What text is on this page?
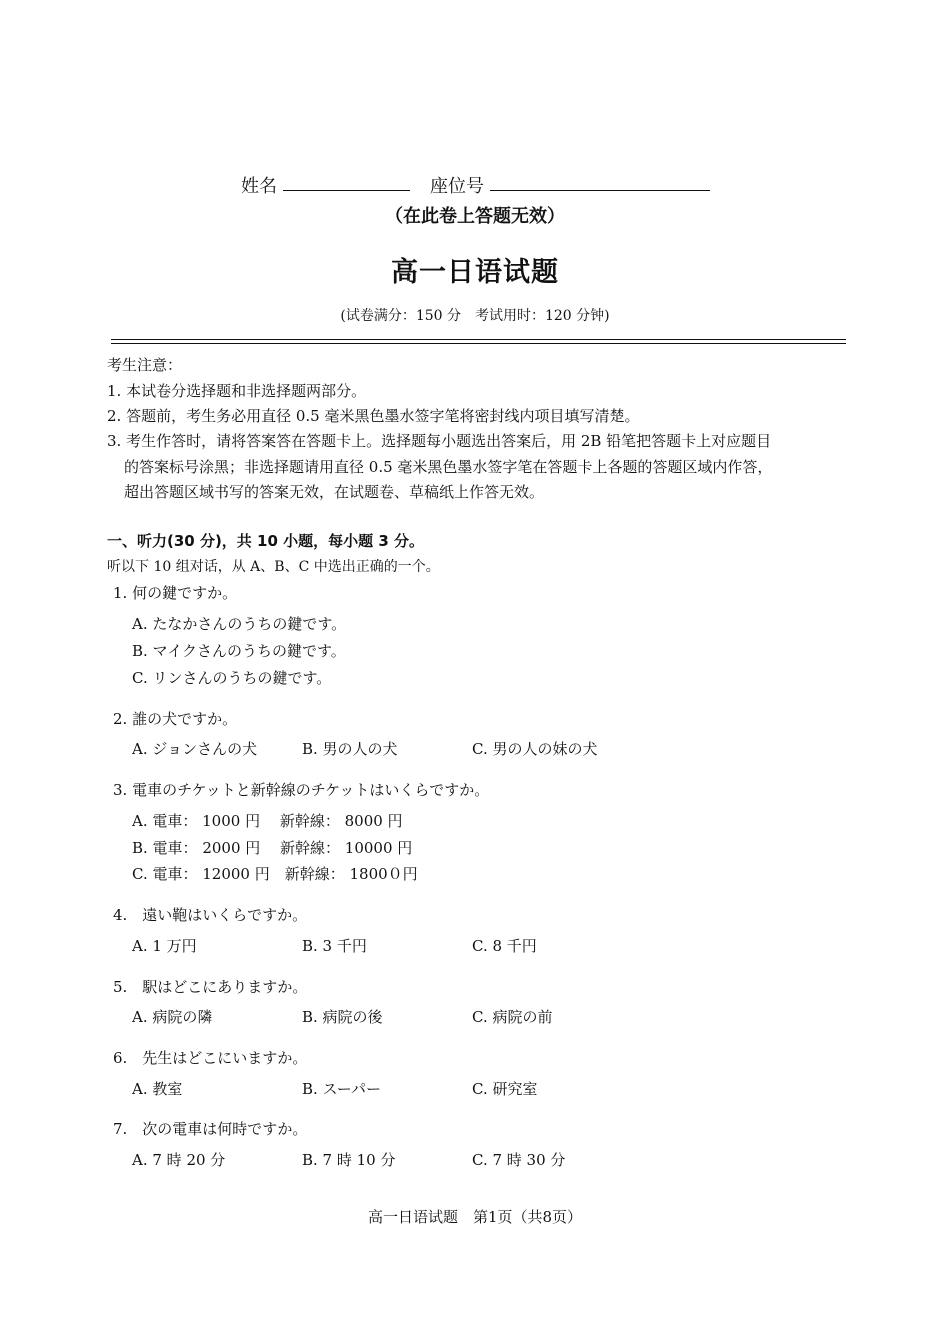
姓名	座位号
（在此卷上答题无效）
高一日语试题
(试卷满分：150 分　考试用时：120 分钟)
考生注意：
1. 本试卷分选择题和非选择题两部分。
2. 答题前，考生务必用直径 0.5 毫米黑色墨水签字笔将密封线内项目填写清楚。
3. 考生作答时，请将答案答在答题卡上。选择题每小题选出答案后，用 2B 铅笔把答题卡上对应题目
的答案标号涂黑；非选择题请用直径 0.5 毫米黑色墨水签字笔在答题卡上各题的答题区域内作答，
超出答题区域书写的答案无效，在试题卷、草稿纸上作答无效。
一、听力(30 分)，共 10 小题，每小题 3 分。
听以下 10 组对话，从 A、B、C 中选出正确的一个。
1. 何の鍵ですか。
A. たなかさんのうちの鍵です。
B. マイクさんのうちの鍵です。
C. リンさんのうちの鍵です。
2. 誰の犬ですか。
A. ジョンさんの犬	B. 男の人の犬	C. 男の人の妹の犬
3. 電車のチケットと新幹線のチケットはいくらですか。
A. 電車： 1000 円　 新幹線： 8000 円
B. 電車： 2000 円　 新幹線： 10000 円
C. 電車： 12000 円　新幹線： 1800０円
4.　遠い鞄はいくらですか。
A. 1 万円	B. 3 千円	C. 8 千円
5.　駅はどこにありますか。
A. 病院の隣	B. 病院の後	C. 病院の前
6.　先生はどこにいますか。
A. 教室	B. スーパー	C. 研究室
7.　次の電車は何時ですか。
A. 7 時 20 分	B. 7 時 10 分	C. 7 時 30 分
高一日语试题　第1页（共8页）
